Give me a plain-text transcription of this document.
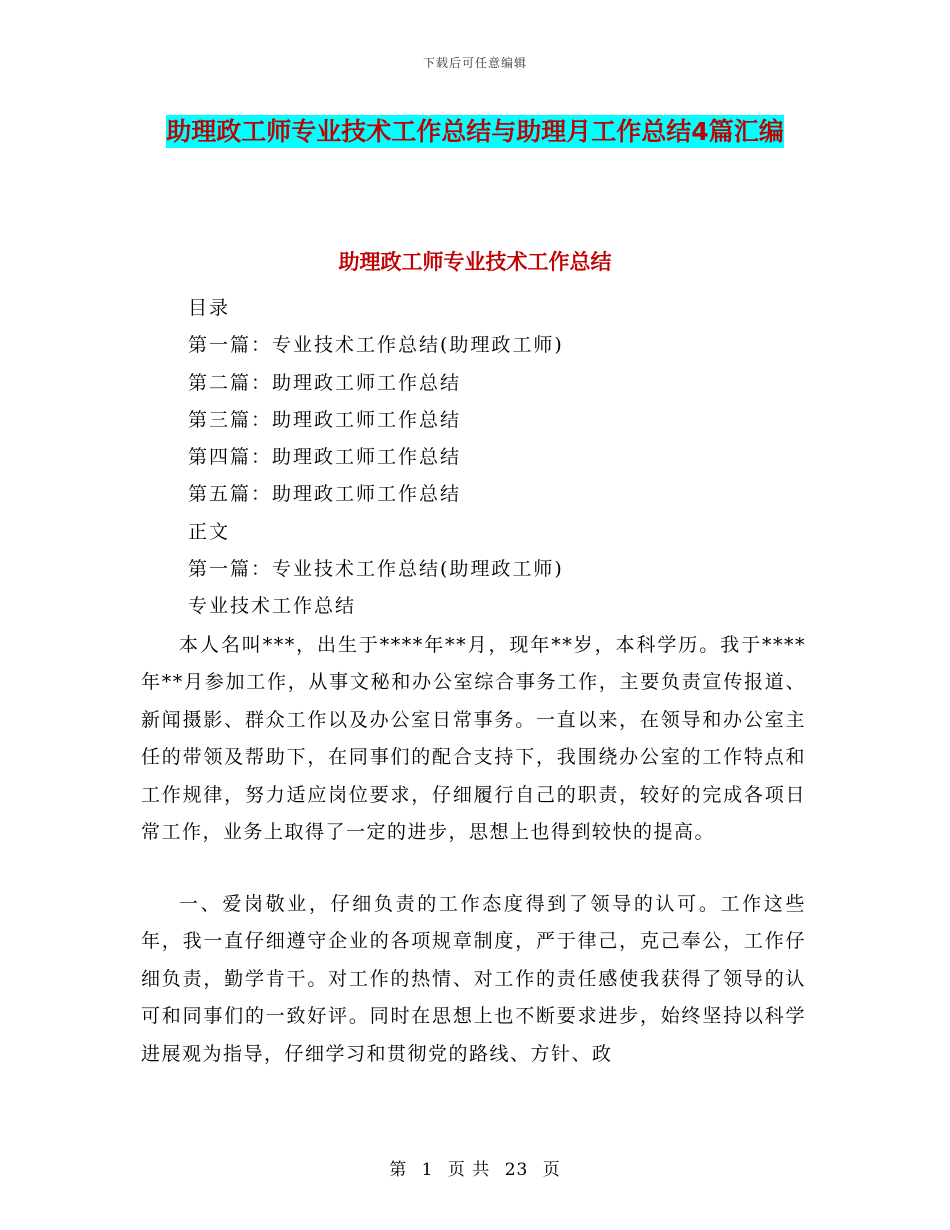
下载后可任意编辑
助理政工师专业技术工作总结与助理月工作总结4篇汇编
助理政工师专业技术工作总结
目录
第一篇：专业技术工作总结(助理政工师)
第二篇：助理政工师工作总结
第三篇：助理政工师工作总结
第四篇：助理政工师工作总结
第五篇：助理政工师工作总结
正文
第一篇：专业技术工作总结(助理政工师)
专业技术工作总结

本人名叫***，出生于****年**月，现年**岁，本科学历。我于****年**月参加工作，从事文秘和办公室综合事务工作，主要负责宣传报道、新闻摄影、群众工作以及办公室日常事务。一直以来，在领导和办公室主任的带领及帮助下，在同事们的配合支持下，我围绕办公室的工作特点和工作规律，努力适应岗位要求，仔细履行自己的职责，较好的完成各项日常工作，业务上取得了一定的进步，思想上也得到较快的提高。

一、爱岗敬业，仔细负责的工作态度得到了领导的认可。工作这些年，我一直仔细遵守企业的各项规章制度，严于律己，克己奉公，工作仔细负责，勤学肯干。对工作的热情、对工作的责任感使我获得了领导的认可和同事们的一致好评。同时在思想上也不断要求进步，始终坚持以科学进展观为指导，仔细学习和贯彻党的路线、方针、政

第 1 页 共 23 页
